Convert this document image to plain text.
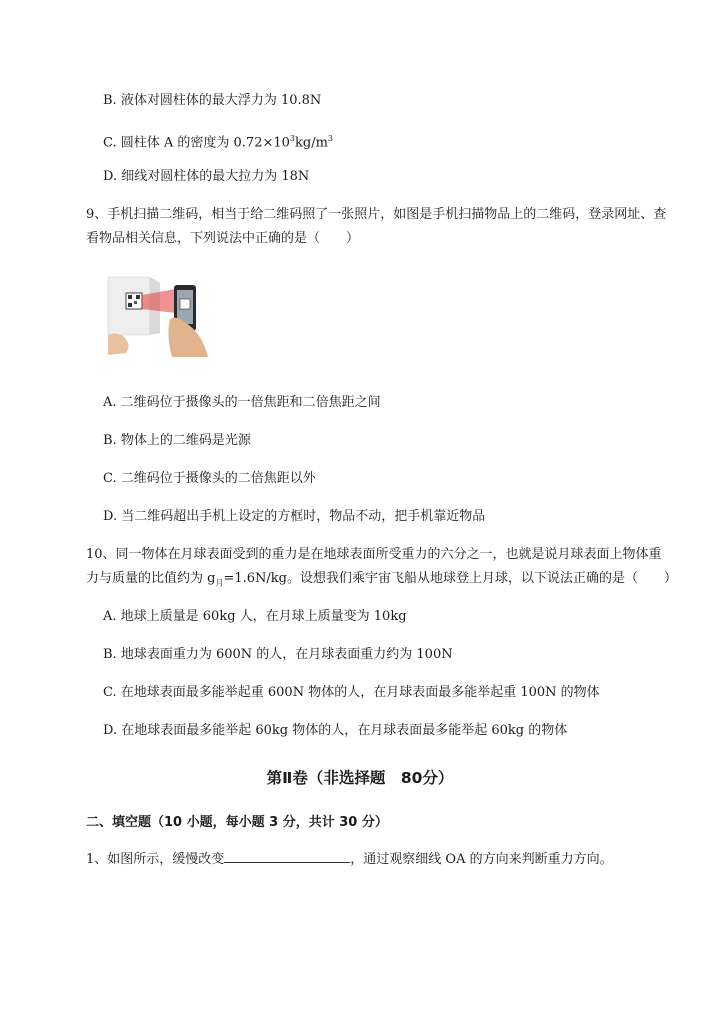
B. 液体对圆柱体的最大浮力为 10.8N
C. 圆柱体 A 的密度为 $0.72\times 10^3kg/m^3$
D. 细线对圆柱体的最大拉力为 18N
9、手机扫描二维码，相当于给二维码照了一张照片，如图是手机扫描物品上的二维码，登录网址、查
看物品相关信息，下列说法中正确的是（　　）
A. 二维码位于摄像头的一倍焦距和二倍焦距之间
B. 物体上的二维码是光源
C. 二维码位于摄像头的二倍焦距以外
D. 当二维码超出手机上设定的方框时，物品不动，把手机靠近物品
10、同一物体在月球表面受到的重力是在地球表面所受重力的六分之一，也就是说月球表面上物体重
力与质量的比值约为 $g_月=1.6N/kg$。设想我们乘宇宙飞船从地球登上月球，以下说法正确的是（　　）
A. 地球上质量是 60kg 人，在月球上质量变为 10kg
B. 地球表面重力为 600N 的人，在月球表面重力约为 100N
C. 在地球表面最多能举起重 600N 物体的人，在月球表面最多能举起重 100N 的物体
D. 在地球表面最多能举起 60kg 物体的人，在月球表面最多能举起 60kg 的物体
第Ⅱ卷（非选择题　80分）
二、填空题（10 小题，每小题 3 分，共计 30 分）
1、如图所示，缓慢改变	，通过观察细线 OA 的方向来判断重力方向。
